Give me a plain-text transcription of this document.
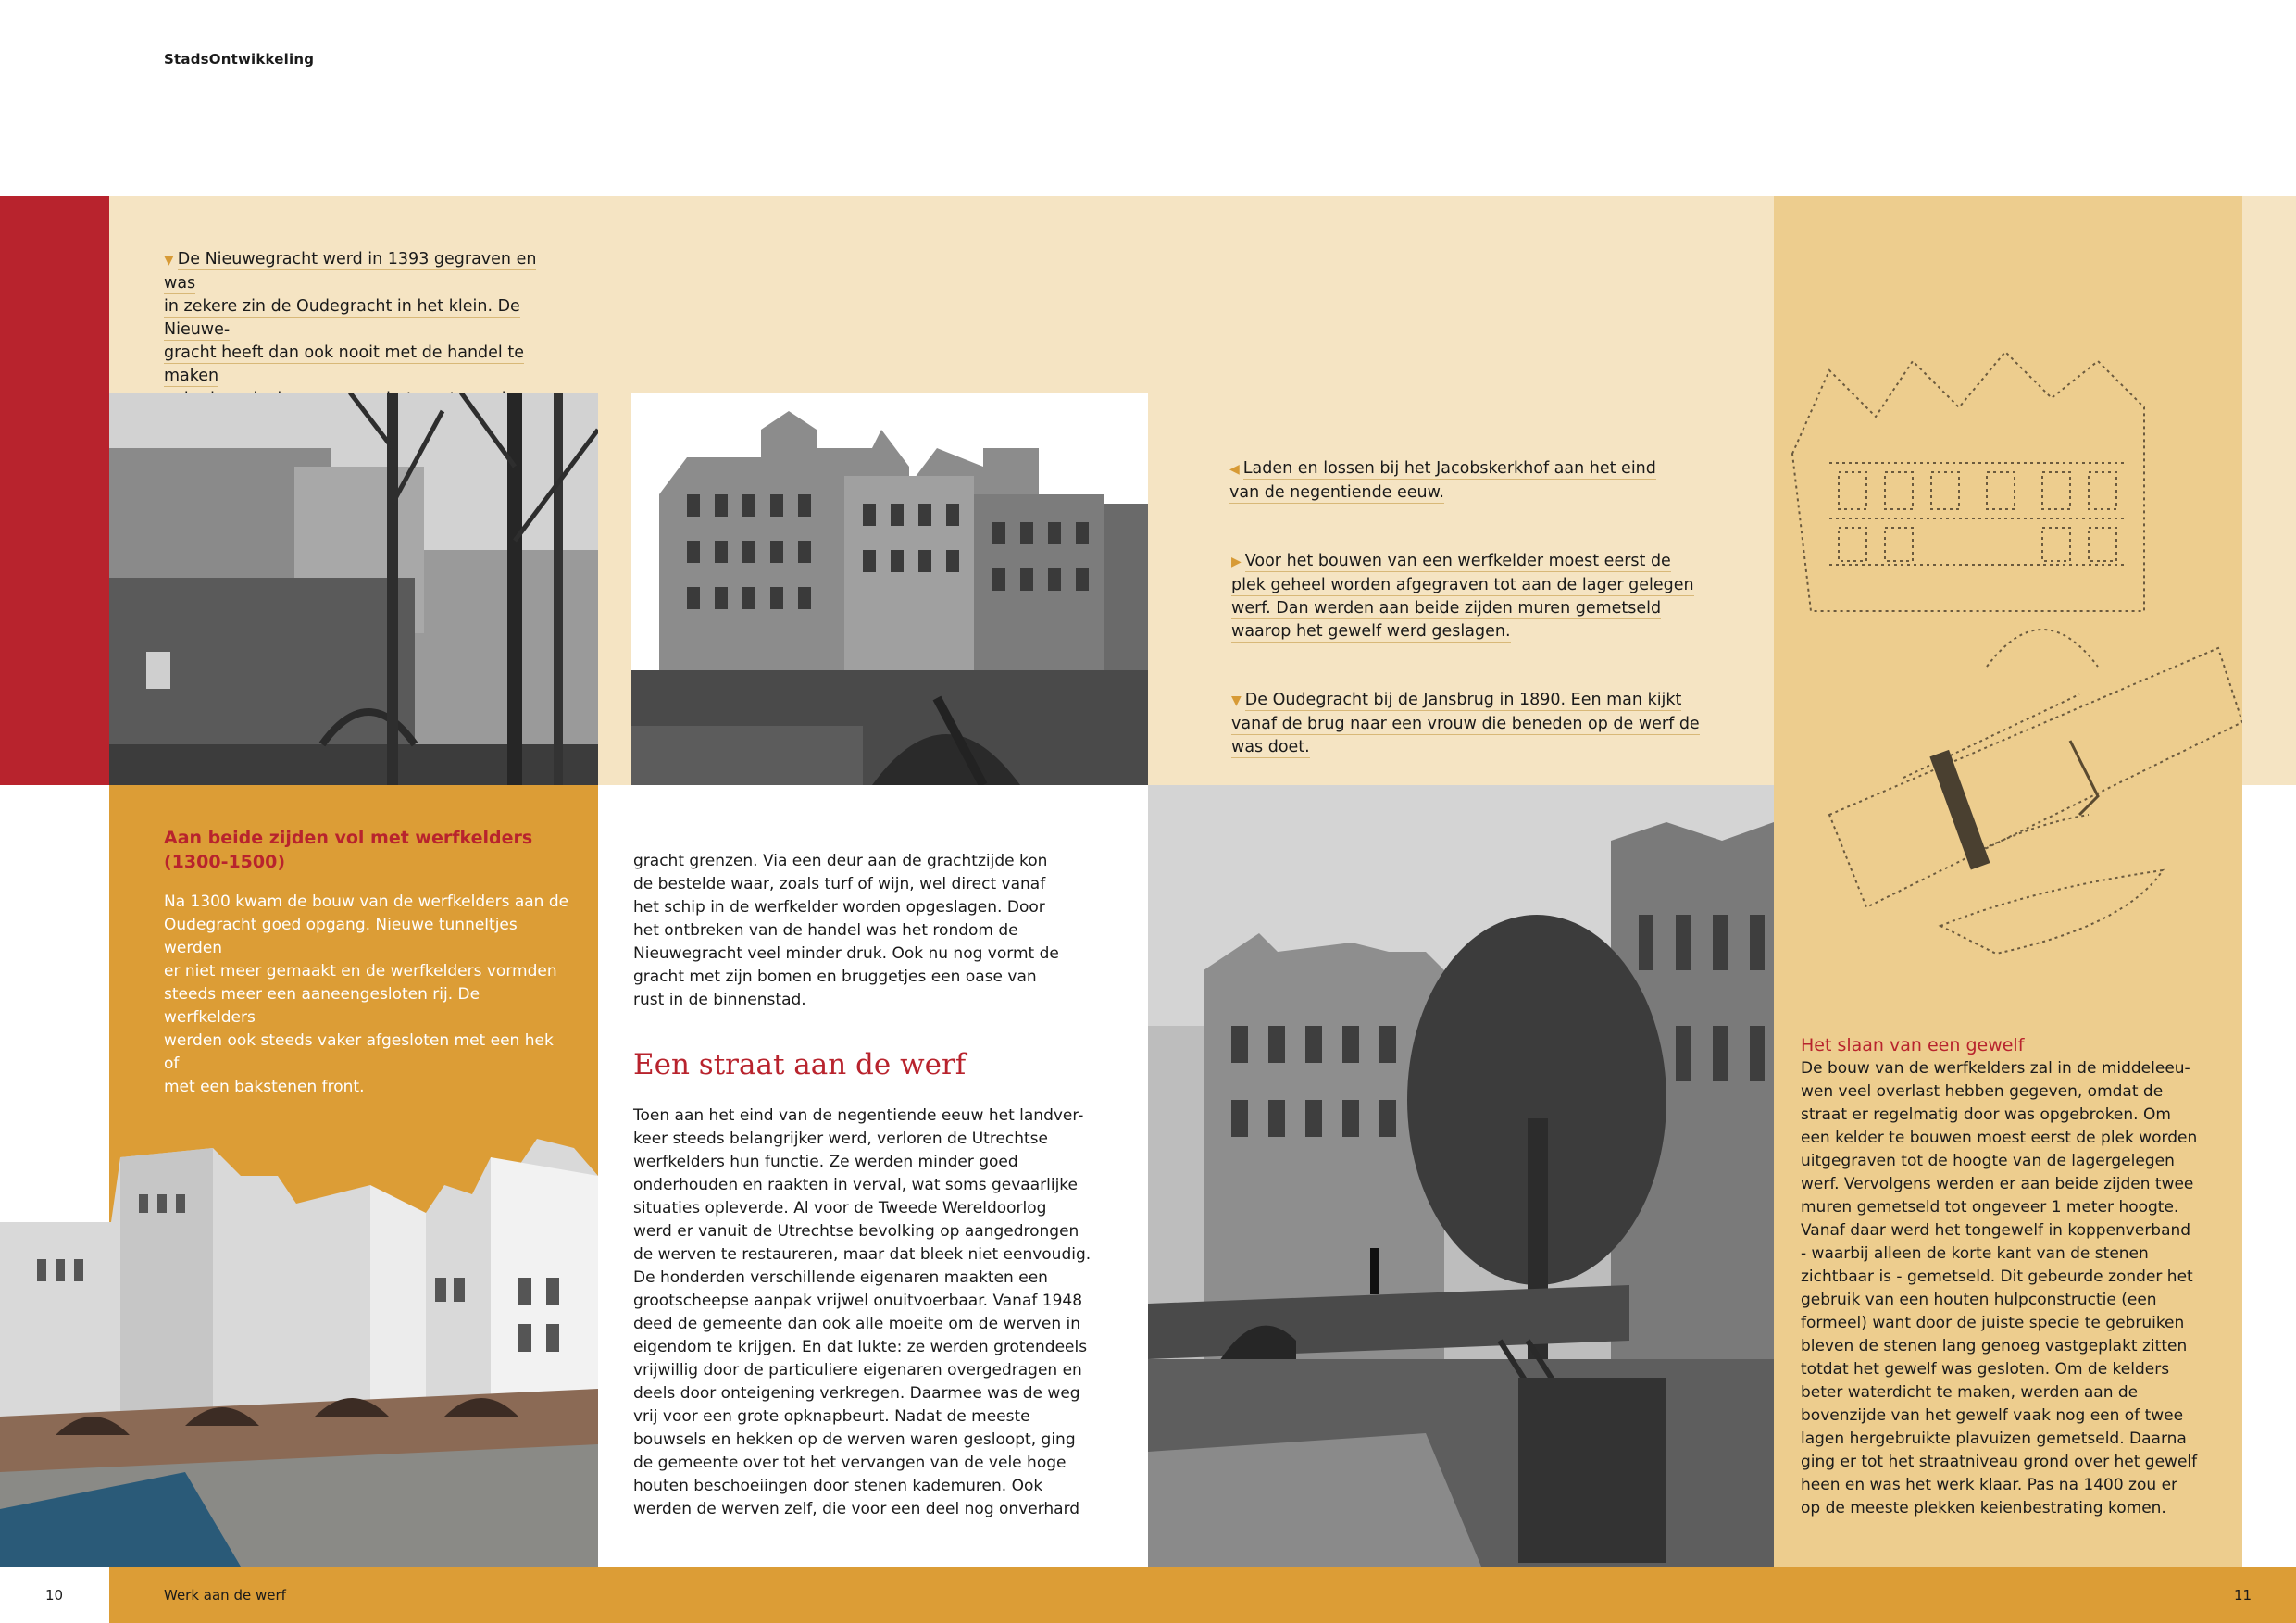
StadsOntwikkeling
▼ De Nieuwegracht werd in 1393 gegraven en was
in zekere zin de Oudegracht in het klein. De Nieuwe-
gracht heeft dan ook nooit met de handel te maken
◀ Laden en lossen bij het Jacobskerkhof aan het eind
van de negentiende eeuw.
▶ Voor het bouwen van een werfkelder moest eerst de
plek geheel worden afgegraven tot aan de lager gelegen
werf. Dan werden aan beide zijden muren gemetseld
waarop het gewelf werd geslagen.
▼ De Oudegracht bij de Jansbrug in 1890. Een man kijkt
vanaf de brug naar een vrouw die beneden op de werf de
was doet.
Aan beide zijden vol met werfkelders
(1300-1500)
Na 1300 kwam de bouw van de werfkelders aan de
Oudegracht goed opgang. Nieuwe tunneltjes werden
er niet meer gemaakt en de werfkelders vormden
steeds meer een aaneengesloten rij. De werfkelders
werden ook steeds vaker afgesloten met een hek of
met een bakstenen front.
gracht grenzen. Via een deur aan de grachtzijde kon
de bestelde waar, zoals turf of wijn, wel direct vanaf
het schip in de werfkelder worden opgeslagen. Door
het ontbreken van de handel was het rondom de
Nieuwegracht veel minder druk. Ook nu nog vormt de
gracht met zijn bomen en bruggetjes een oase van
rust in de binnenstad.
Een straat aan de werf
Toen aan het eind van de negentiende eeuw het landver-
keer steeds belangrijker werd, verloren de Utrechtse
werfkelders hun functie. Ze werden minder goed
onderhouden en raakten in verval, wat soms gevaarlijke
situaties opleverde. Al voor de Tweede Wereldoorlog
werd er vanuit de Utrechtse bevolking op aangedrongen
de werven te restaureren, maar dat bleek niet eenvoudig.
De honderden verschillende eigenaren maakten een
grootscheepse aanpak vrijwel onuitvoerbaar. Vanaf 1948
deed de gemeente dan ook alle moeite om de werven in
eigendom te krijgen. En dat lukte: ze werden grotendeels
vrijwillig door de particuliere eigenaren overgedragen en
deels door onteigening verkregen. Daarmee was de weg
vrij voor een grote opknapbeurt. Nadat de meeste
bouwsels en hekken op de werven waren gesloopt, ging
de gemeente over tot het vervangen van de vele hoge
houten beschoeiingen door stenen kademuren. Ook
werden de werven zelf, die voor een deel nog onverhard
Het slaan van een gewelf
De bouw van de werfkelders zal in de middeleeu-
wen veel overlast hebben gegeven, omdat de
straat er regelmatig door was opgebroken. Om
een kelder te bouwen moest eerst de plek worden
uitgegraven tot de hoogte van de lagergelegen
werf. Vervolgens werden er aan beide zijden twee
muren gemetseld tot ongeveer 1 meter hoogte.
Vanaf daar werd het tongewelf in koppenverband
- waarbij alleen de korte kant van de stenen
zichtbaar is - gemetseld. Dit gebeurde zonder het
gebruik van een houten hulpconstructie (een
formeel) want door de juiste specie te gebruiken
bleven de stenen lang genoeg vastgeplakt zitten
totdat het gewelf was gesloten. Om de kelders
beter waterdicht te maken, werden aan de
bovenzijde van het gewelf vaak nog een of twee
lagen hergebruikte plavuizen gemetseld. Daarna
ging er tot het straatniveau grond over het gewelf
heen en was het werk klaar. Pas na 1400 zou er
op de meeste plekken keienbestrating komen.
10	Werk aan de werf	11
